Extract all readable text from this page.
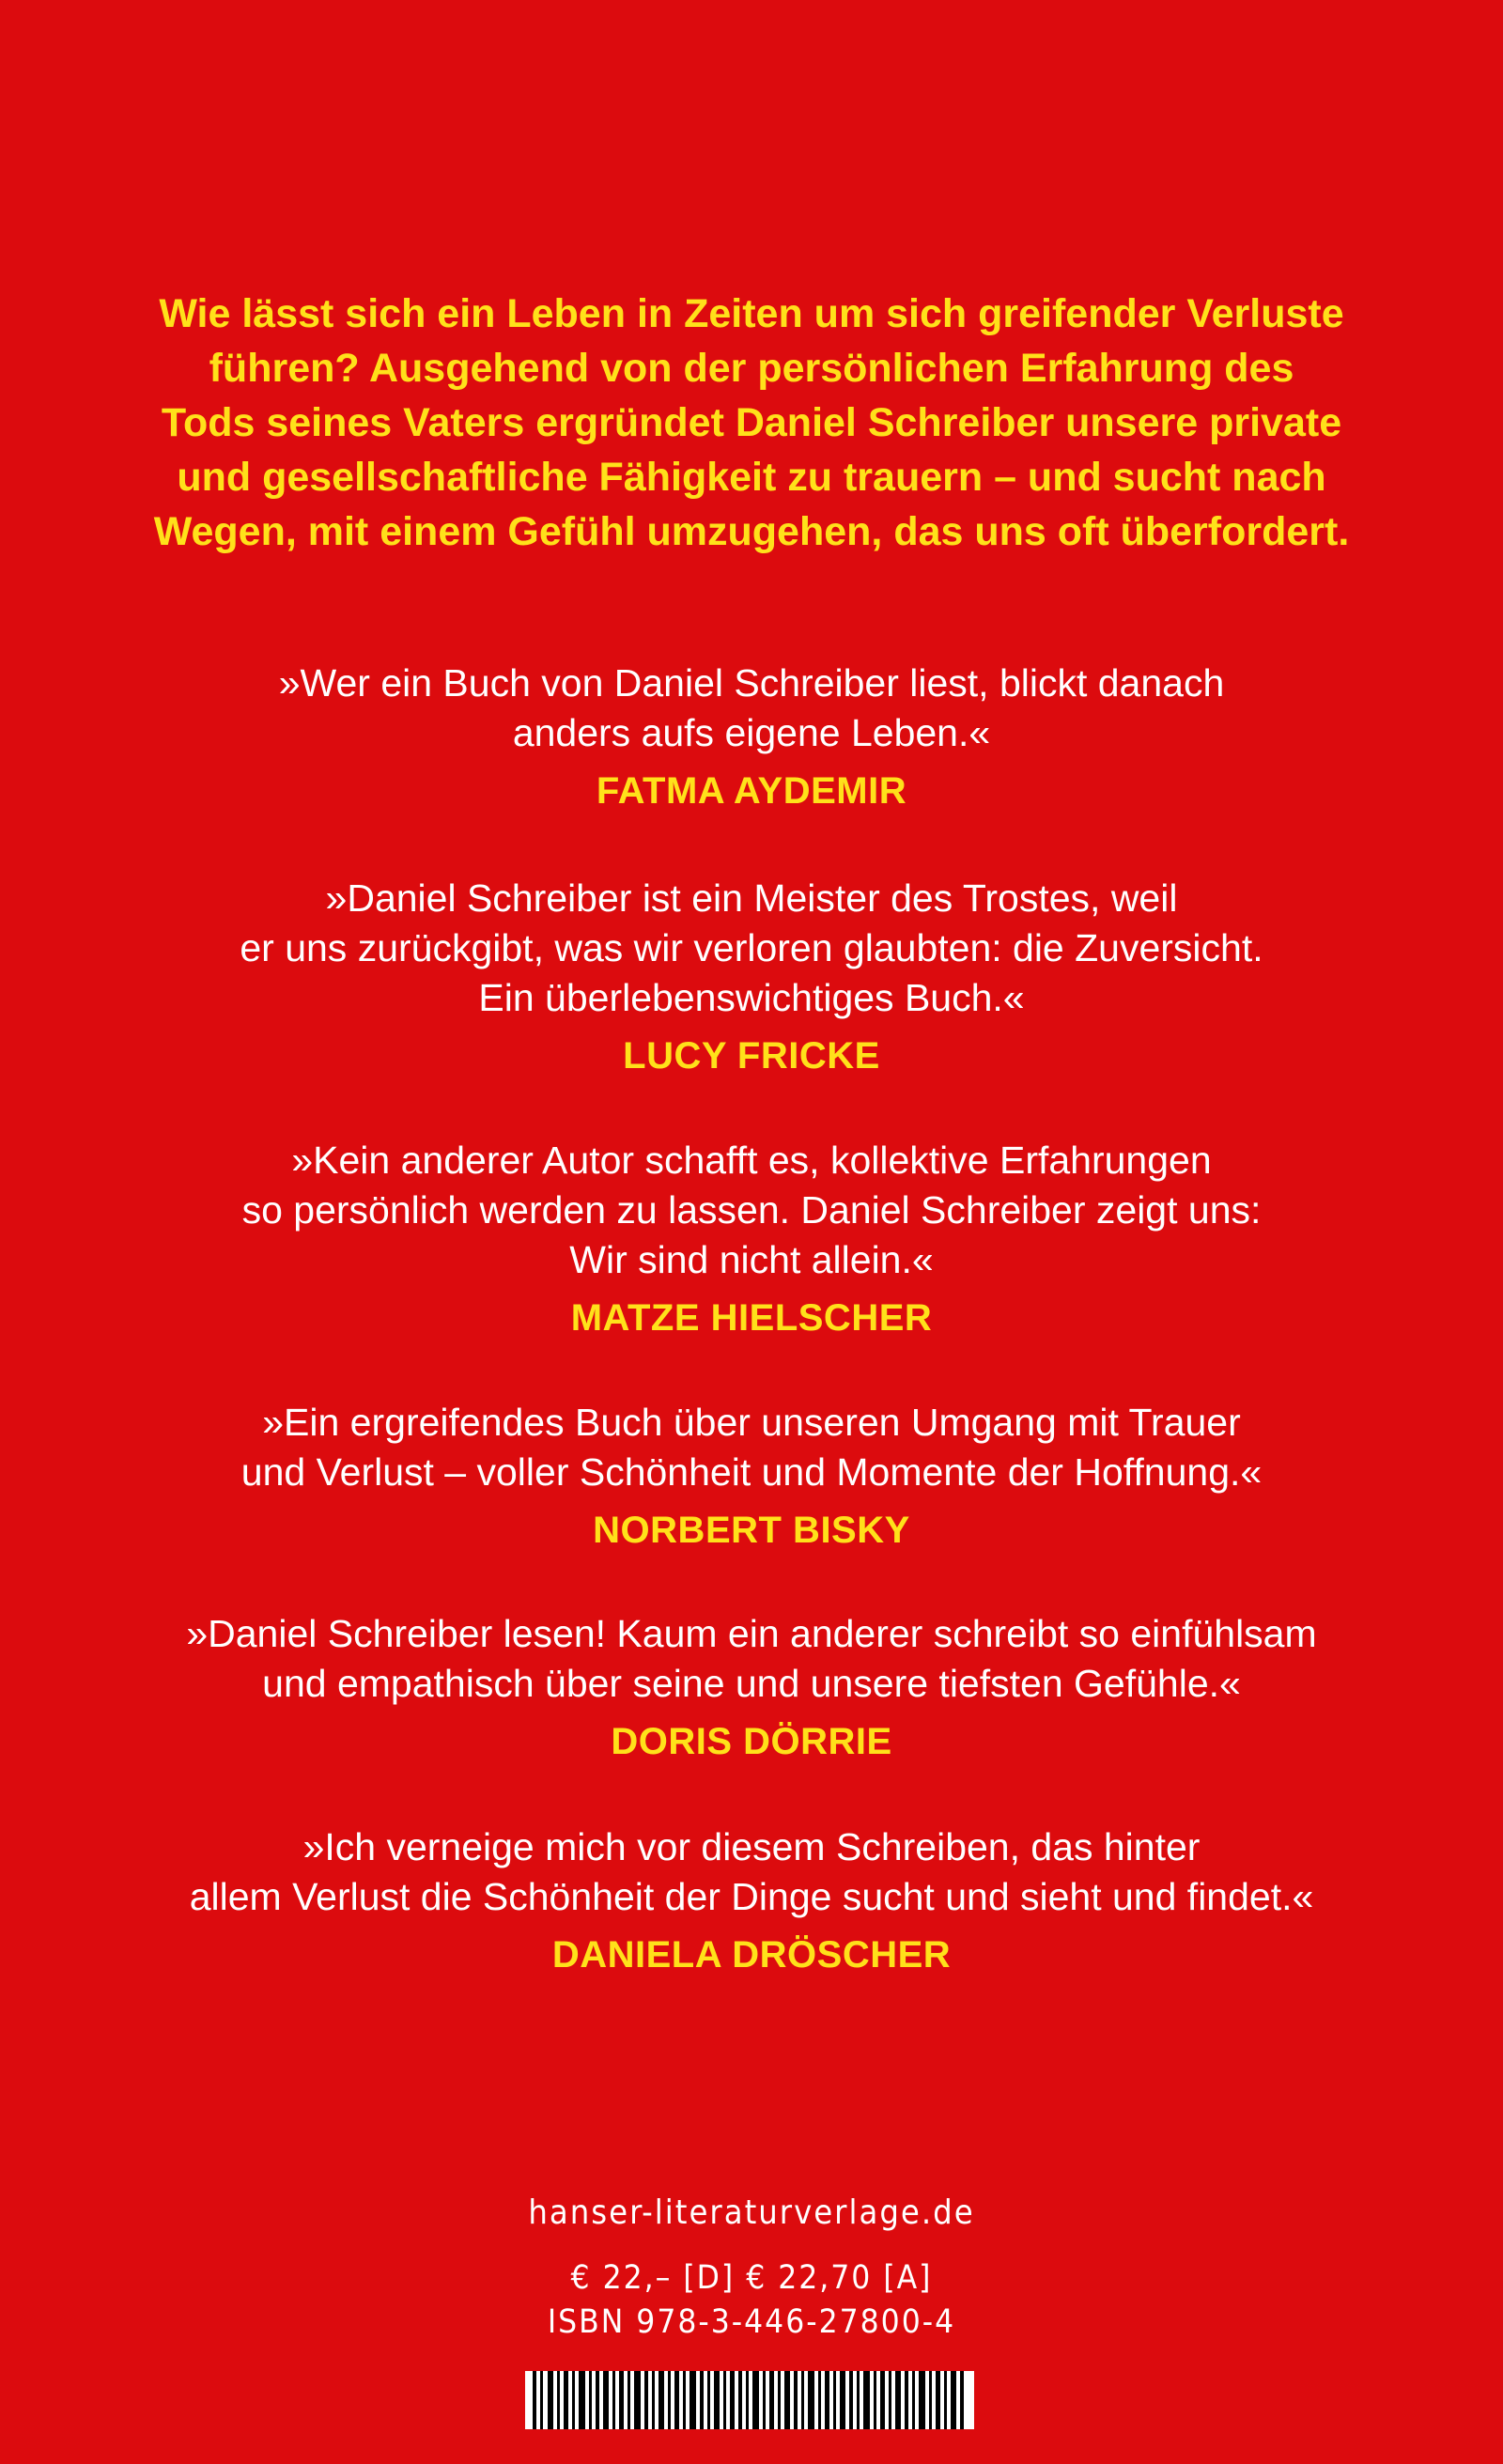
Wie lässt sich ein Leben in Zeiten um sich greifender Verluste
führen? Ausgehend von der persönlichen Erfahrung des
Tods seines Vaters ergründet Daniel Schreiber unsere private
und gesellschaftliche Fähigkeit zu trauern – und sucht nach
Wegen, mit einem Gefühl umzugehen, das uns oft überfordert.

»Wer ein Buch von Daniel Schreiber liest, blickt danach
anders aufs eigene Leben.«

FATMA AYDEMIR

»Daniel Schreiber ist ein Meister des Trostes, weil
er uns zurückgibt, was wir verloren glaubten: die Zuversicht.
Ein überlebenswichtiges Buch.«

LUCY FRICKE

»Kein anderer Autor schafft es, kollektive Erfahrungen
so persönlich werden zu lassen. Daniel Schreiber zeigt uns:
Wir sind nicht allein.«

MATZE HIELSCHER

»Ein ergreifendes Buch über unseren Umgang mit Trauer
und Verlust – voller Schönheit und Momente der Hoffnung.«

NORBERT BISKY

»Daniel Schreiber lesen! Kaum ein anderer schreibt so einfühlsam
und empathisch über seine und unsere tiefsten Gefühle.«

DORIS DÖRRIE

»Ich verneige mich vor diesem Schreiben, das hinter
allem Verlust die Schönheit der Dinge sucht und sieht und findet.«

DANIELA DRÖSCHER
hanser-literaturverlage.de
€ 22,– [D] € 22,70 [A]
ISBN 978-3-446-27800-4
